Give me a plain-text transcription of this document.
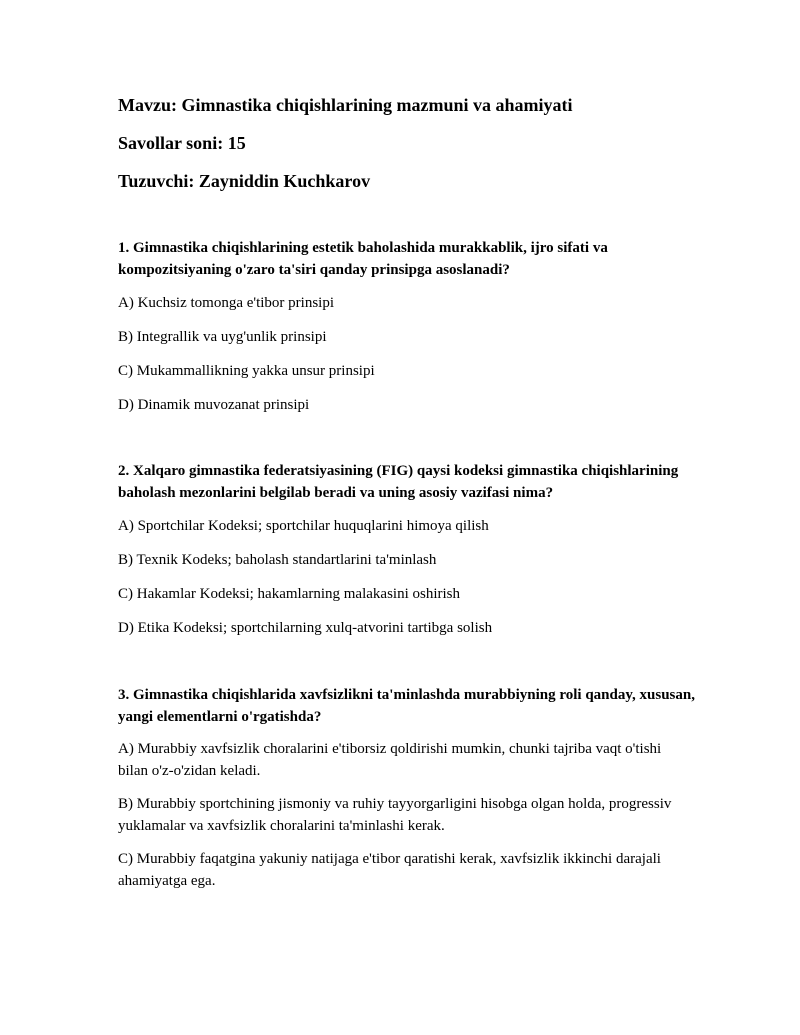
Mavzu: Gimnastika chiqishlarining mazmuni va ahamiyati
Savollar soni: 15
Tuzuvchi: Zayniddin Kuchkarov
1. Gimnastika chiqishlarining estetik baholashida murakkablik, ijro sifati va kompozitsiyaning o'zaro ta'siri qanday prinsipga asoslanadi?
A) Kuchsiz tomonga e'tibor prinsipi
B) Integrallik va uyg'unlik prinsipi
C) Mukammallikning yakka unsur prinsipi
D) Dinamik muvozanat prinsipi
2. Xalqaro gimnastika federatsiyasining (FIG) qaysi kodeksi gimnastika chiqishlarining baholash mezonlarini belgilab beradi va uning asosiy vazifasi nima?
A) Sportchilar Kodeksi; sportchilar huquqlarini himoya qilish
B) Texnik Kodeks; baholash standartlarini ta'minlash
C) Hakamlar Kodeksi; hakamlarning malakasini oshirish
D) Etika Kodeksi; sportchilarning xulq-atvorini tartibga solish
3. Gimnastika chiqishlarida xavfsizlikni ta'minlashda murabbiyning roli qanday, xususan, yangi elementlarni o'rgatishda?
A) Murabbiy xavfsizlik choralarini e'tiborsiz qoldirishi mumkin, chunki tajriba vaqt o'tishi bilan o'z-o'zidan keladi.
B) Murabbiy sportchining jismoniy va ruhiy tayyorgarligini hisobga olgan holda, progressiv yuklamalar va xavfsizlik choralarini ta'minlashi kerak.
C) Murabbiy faqatgina yakuniy natijaga e'tibor qaratishi kerak, xavfsizlik ikkinchi darajali ahamiyatga ega.
